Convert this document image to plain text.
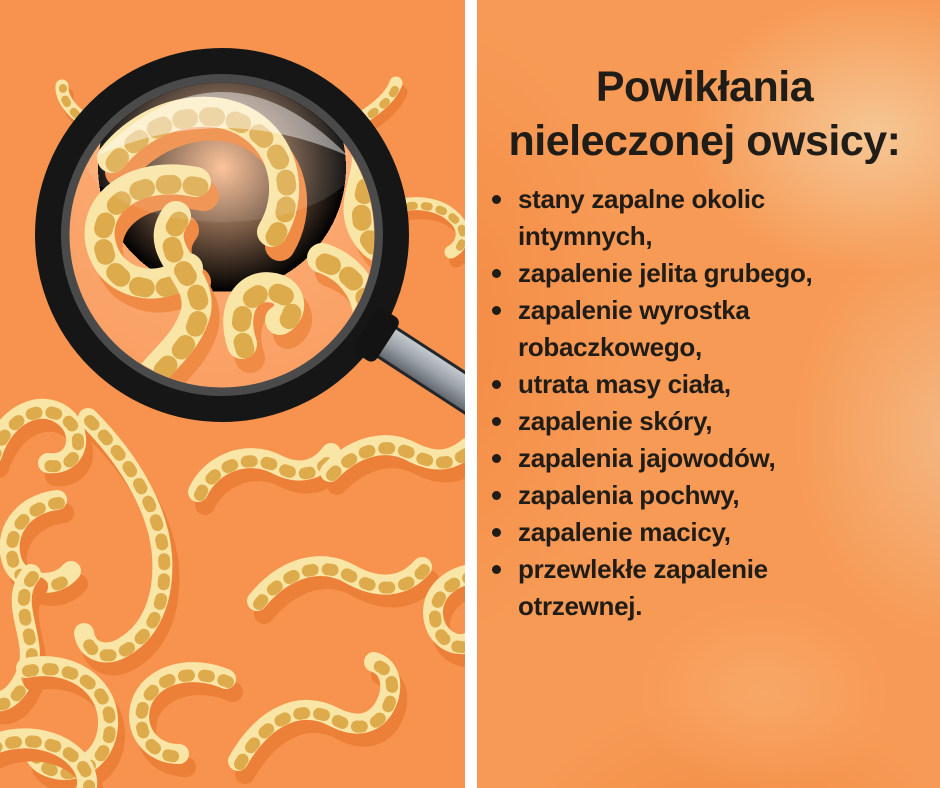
Powikłania
nieleczonej owsicy:
stany zapalne okolic intymnych,
zapalenie jelita grubego,
zapalenie wyrostka robaczkowego,
utrata masy ciała,
zapalenie skóry,
zapalenia jajowodów,
zapalenia pochwy,
zapalenie macicy,
przewlekłe zapalenie otrzewnej.
